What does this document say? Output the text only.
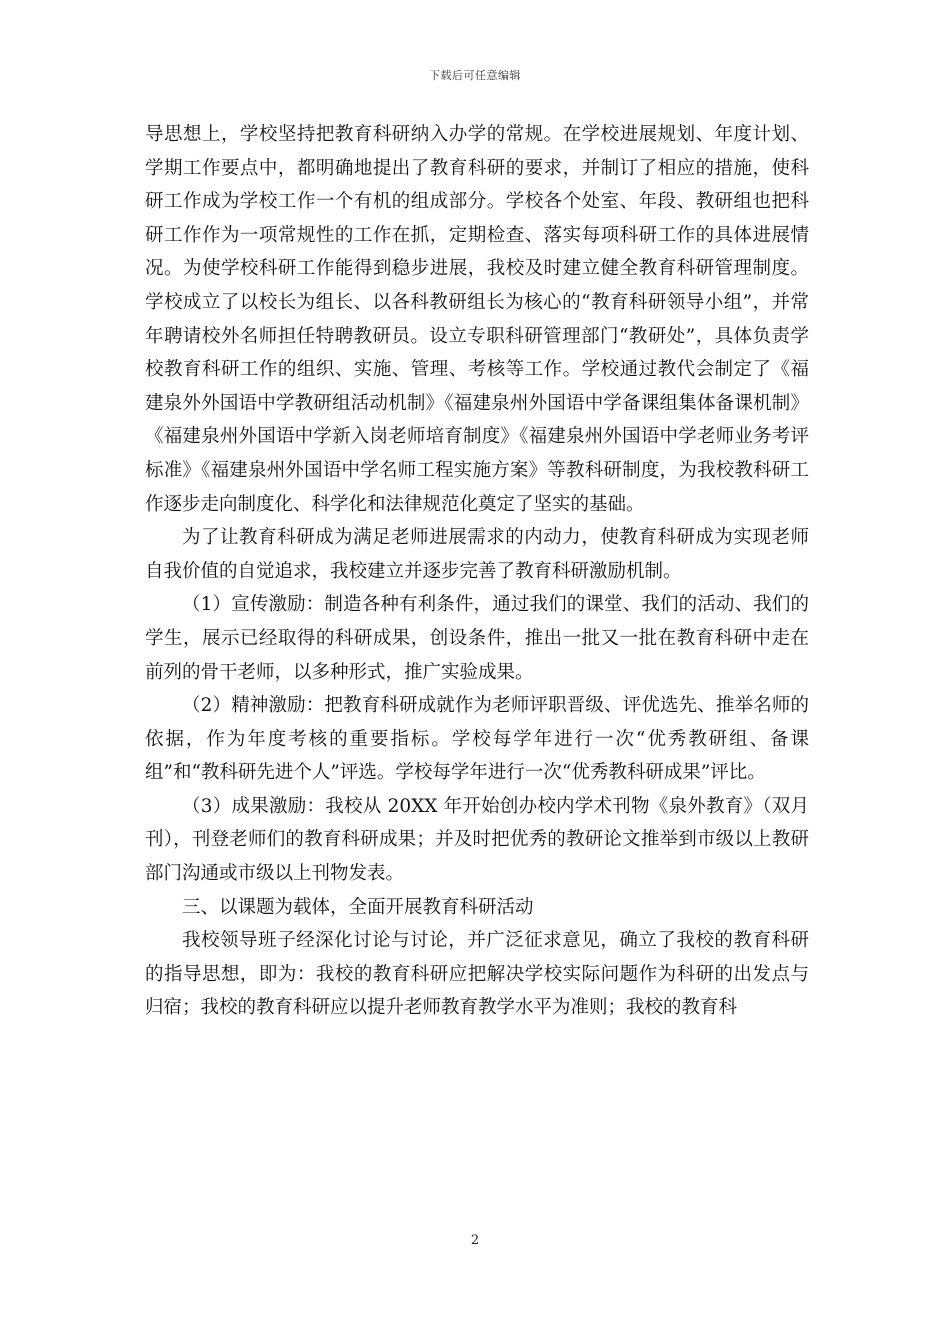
下载后可任意编辑

导思想上，学校坚持把教育科研纳入办学的常规。在学校进展规划、年度计划、学期工作要点中，都明确地提出了教育科研的要求，并制订了相应的措施，使科研工作成为学校工作一个有机的组成部分。学校各个处室、年段、教研组也把科研工作作为一项常规性的工作在抓，定期检查、落实每项科研工作的具体进展情况。为使学校科研工作能得到稳步进展，我校及时建立健全教育科研管理制度。学校成立了以校长为组长、以各科教研组长为核心的“教育科研领导小组”，并常年聘请校外名师担任特聘教研员。设立专职科研管理部门“教研处”，具体负责学校教育科研工作的组织、实施、管理、考核等工作。学校通过教代会制定了《福建泉外外国语中学教研组活动机制》《福建泉州外国语中学备课组集体备课机制》《福建泉州外国语中学新入岗老师培育制度》《福建泉州外国语中学老师业务考评标准》《福建泉州外国语中学名师工程实施方案》等教科研制度，为我校教科研工作逐步走向制度化、科学化和法律规范化奠定了坚实的基础。

为了让教育科研成为满足老师进展需求的内动力，使教育科研成为实现老师自我价值的自觉追求，我校建立并逐步完善了教育科研激励机制。

（1）宣传激励：制造各种有利条件，通过我们的课堂、我们的活动、我们的学生，展示已经取得的科研成果，创设条件，推出一批又一批在教育科研中走在前列的骨干老师，以多种形式，推广实验成果。

（2）精神激励：把教育科研成就作为老师评职晋级、评优选先、推举名师的依据，作为年度考核的重要指标。学校每学年进行一次“优秀教研组、备课组”和“教科研先进个人”评选。学校每学年进行一次“优秀教科研成果”评比。

（3）成果激励：我校从 20XX 年开始创办校内学术刊物《泉外教育》（双月刊），刊登老师们的教育科研成果；并及时把优秀的教研论文推举到市级以上教研部门沟通或市级以上刊物发表。

三、以课题为载体，全面开展教育科研活动

我校领导班子经深化讨论与讨论，并广泛征求意见，确立了我校的教育科研的指导思想，即为：我校的教育科研应把解决学校实际问题作为科研的出发点与归宿；我校的教育科研应以提升老师教育教学水平为准则；我校的教育科

2
